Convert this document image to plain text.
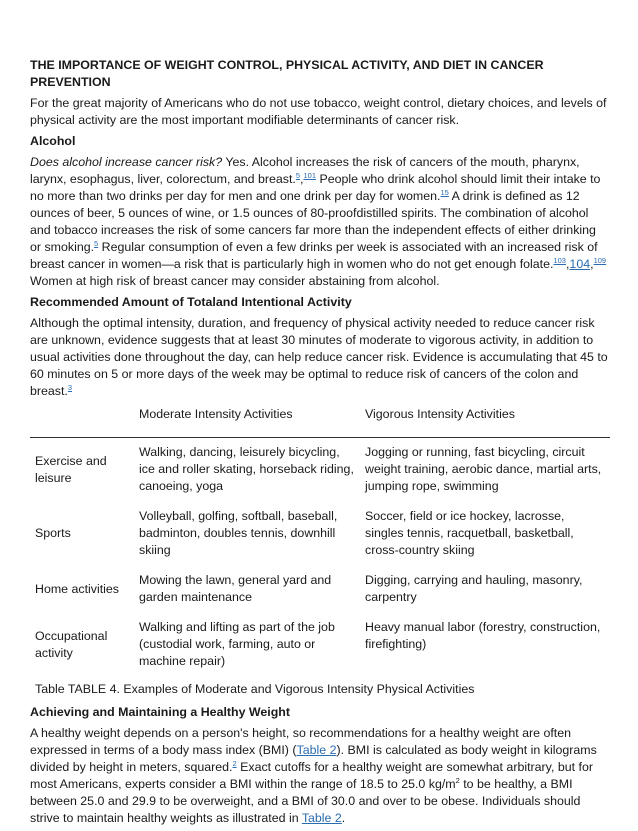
THE IMPORTANCE OF WEIGHT CONTROL, PHYSICAL ACTIVITY, AND DIET IN CANCER PREVENTION
For the great majority of Americans who do not use tobacco, weight control, dietary choices, and levels of physical activity are the most important modifiable determinants of cancer risk.
Alcohol
Does alcohol increase cancer risk? Yes. Alcohol increases the risk of cancers of the mouth, pharynx, larynx, esophagus, liver, colorectum, and breast.$^5$,$^{101}$ People who drink alcohol should limit their intake to no more than two drinks per day for men and one drink per day for women.$^{15}$ A drink is defined as 12 ounces of beer, 5 ounces of wine, or 1.5 ounces of 80-proofdistilled spirits. The combination of alcohol and tobacco increases the risk of some cancers far more than the independent effects of either drinking or smoking.$^5$ Regular consumption of even a few drinks per week is associated with an increased risk of breast cancer in women—a risk that is particularly high in women who do not get enough folate.$^{103}$,104,$^{109}$ Women at high risk of breast cancer may consider abstaining from alcohol.
Recommended Amount of Totaland Intentional Activity
Although the optimal intensity, duration, and frequency of physical activity needed to reduce cancer risk are unknown, evidence suggests that at least 30 minutes of moderate to vigorous activity, in addition to usual activities done throughout the day, can help reduce cancer risk. Evidence is accumulating that 45 to 60 minutes on 5 or more days of the week may be optimal to reduce risk of cancers of the colon and breast.$^3$
	Moderate Intensity Activities	Vigorous Intensity Activities
Exercise and leisure	Walking, dancing, leisurely bicycling, ice and roller skating, horseback riding, canoeing, yoga	Jogging or running, fast bicycling, circuit weight training, aerobic dance, martial arts, jumping rope, swimming
Sports	Volleyball, golfing, softball, baseball, badminton, doubles tennis, downhill skiing	Soccer, field or ice hockey, lacrosse, singles tennis, racquetball, basketball, cross-country skiing
Home activities	Mowing the lawn, general yard and garden maintenance	Digging, carrying and hauling, masonry, carpentry
Occupational activity	Walking and lifting as part of the job (custodial work, farming, auto or machine repair)	Heavy manual labor (forestry, construction, firefighting)
Table TABLE 4. Examples of Moderate and Vigorous Intensity Physical Activities
Achieving and Maintaining a Healthy Weight
A healthy weight depends on a person's height, so recommendations for a healthy weight are often expressed in terms of a body mass index (BMI) (Table 2). BMI is calculated as body weight in kilograms divided by height in meters, squared.$^2$ Exact cutoffs for a healthy weight are somewhat arbitrary, but for most Americans, experts consider a BMI within the range of 18.5 to 25.0 $kg/m^2$ to be healthy, a BMI between 25.0 and 29.9 to be overweight, and a BMI of 30.0 and over to be obese. Individuals should strive to maintain healthy weights as illustrated in Table 2.
